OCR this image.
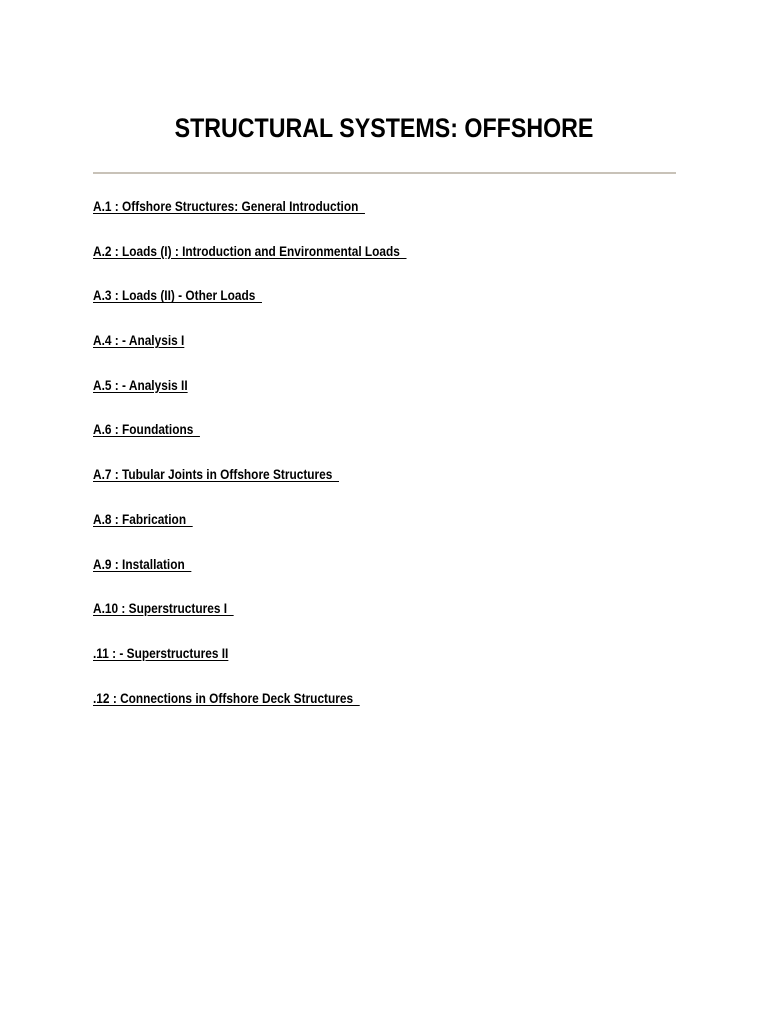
STRUCTURAL SYSTEMS: OFFSHORE
A.1 : Offshore Structures: General Introduction
A.2 : Loads (I) : Introduction and Environmental Loads
A.3 : Loads (II) - Other Loads
A.4 : - Analysis I
A.5 : - Analysis II
A.6 : Foundations
A.7 : Tubular Joints in Offshore Structures
A.8 : Fabrication
A.9 : Installation
A.10 : Superstructures I
.11 : - Superstructures II
.12 : Connections in Offshore Deck Structures
